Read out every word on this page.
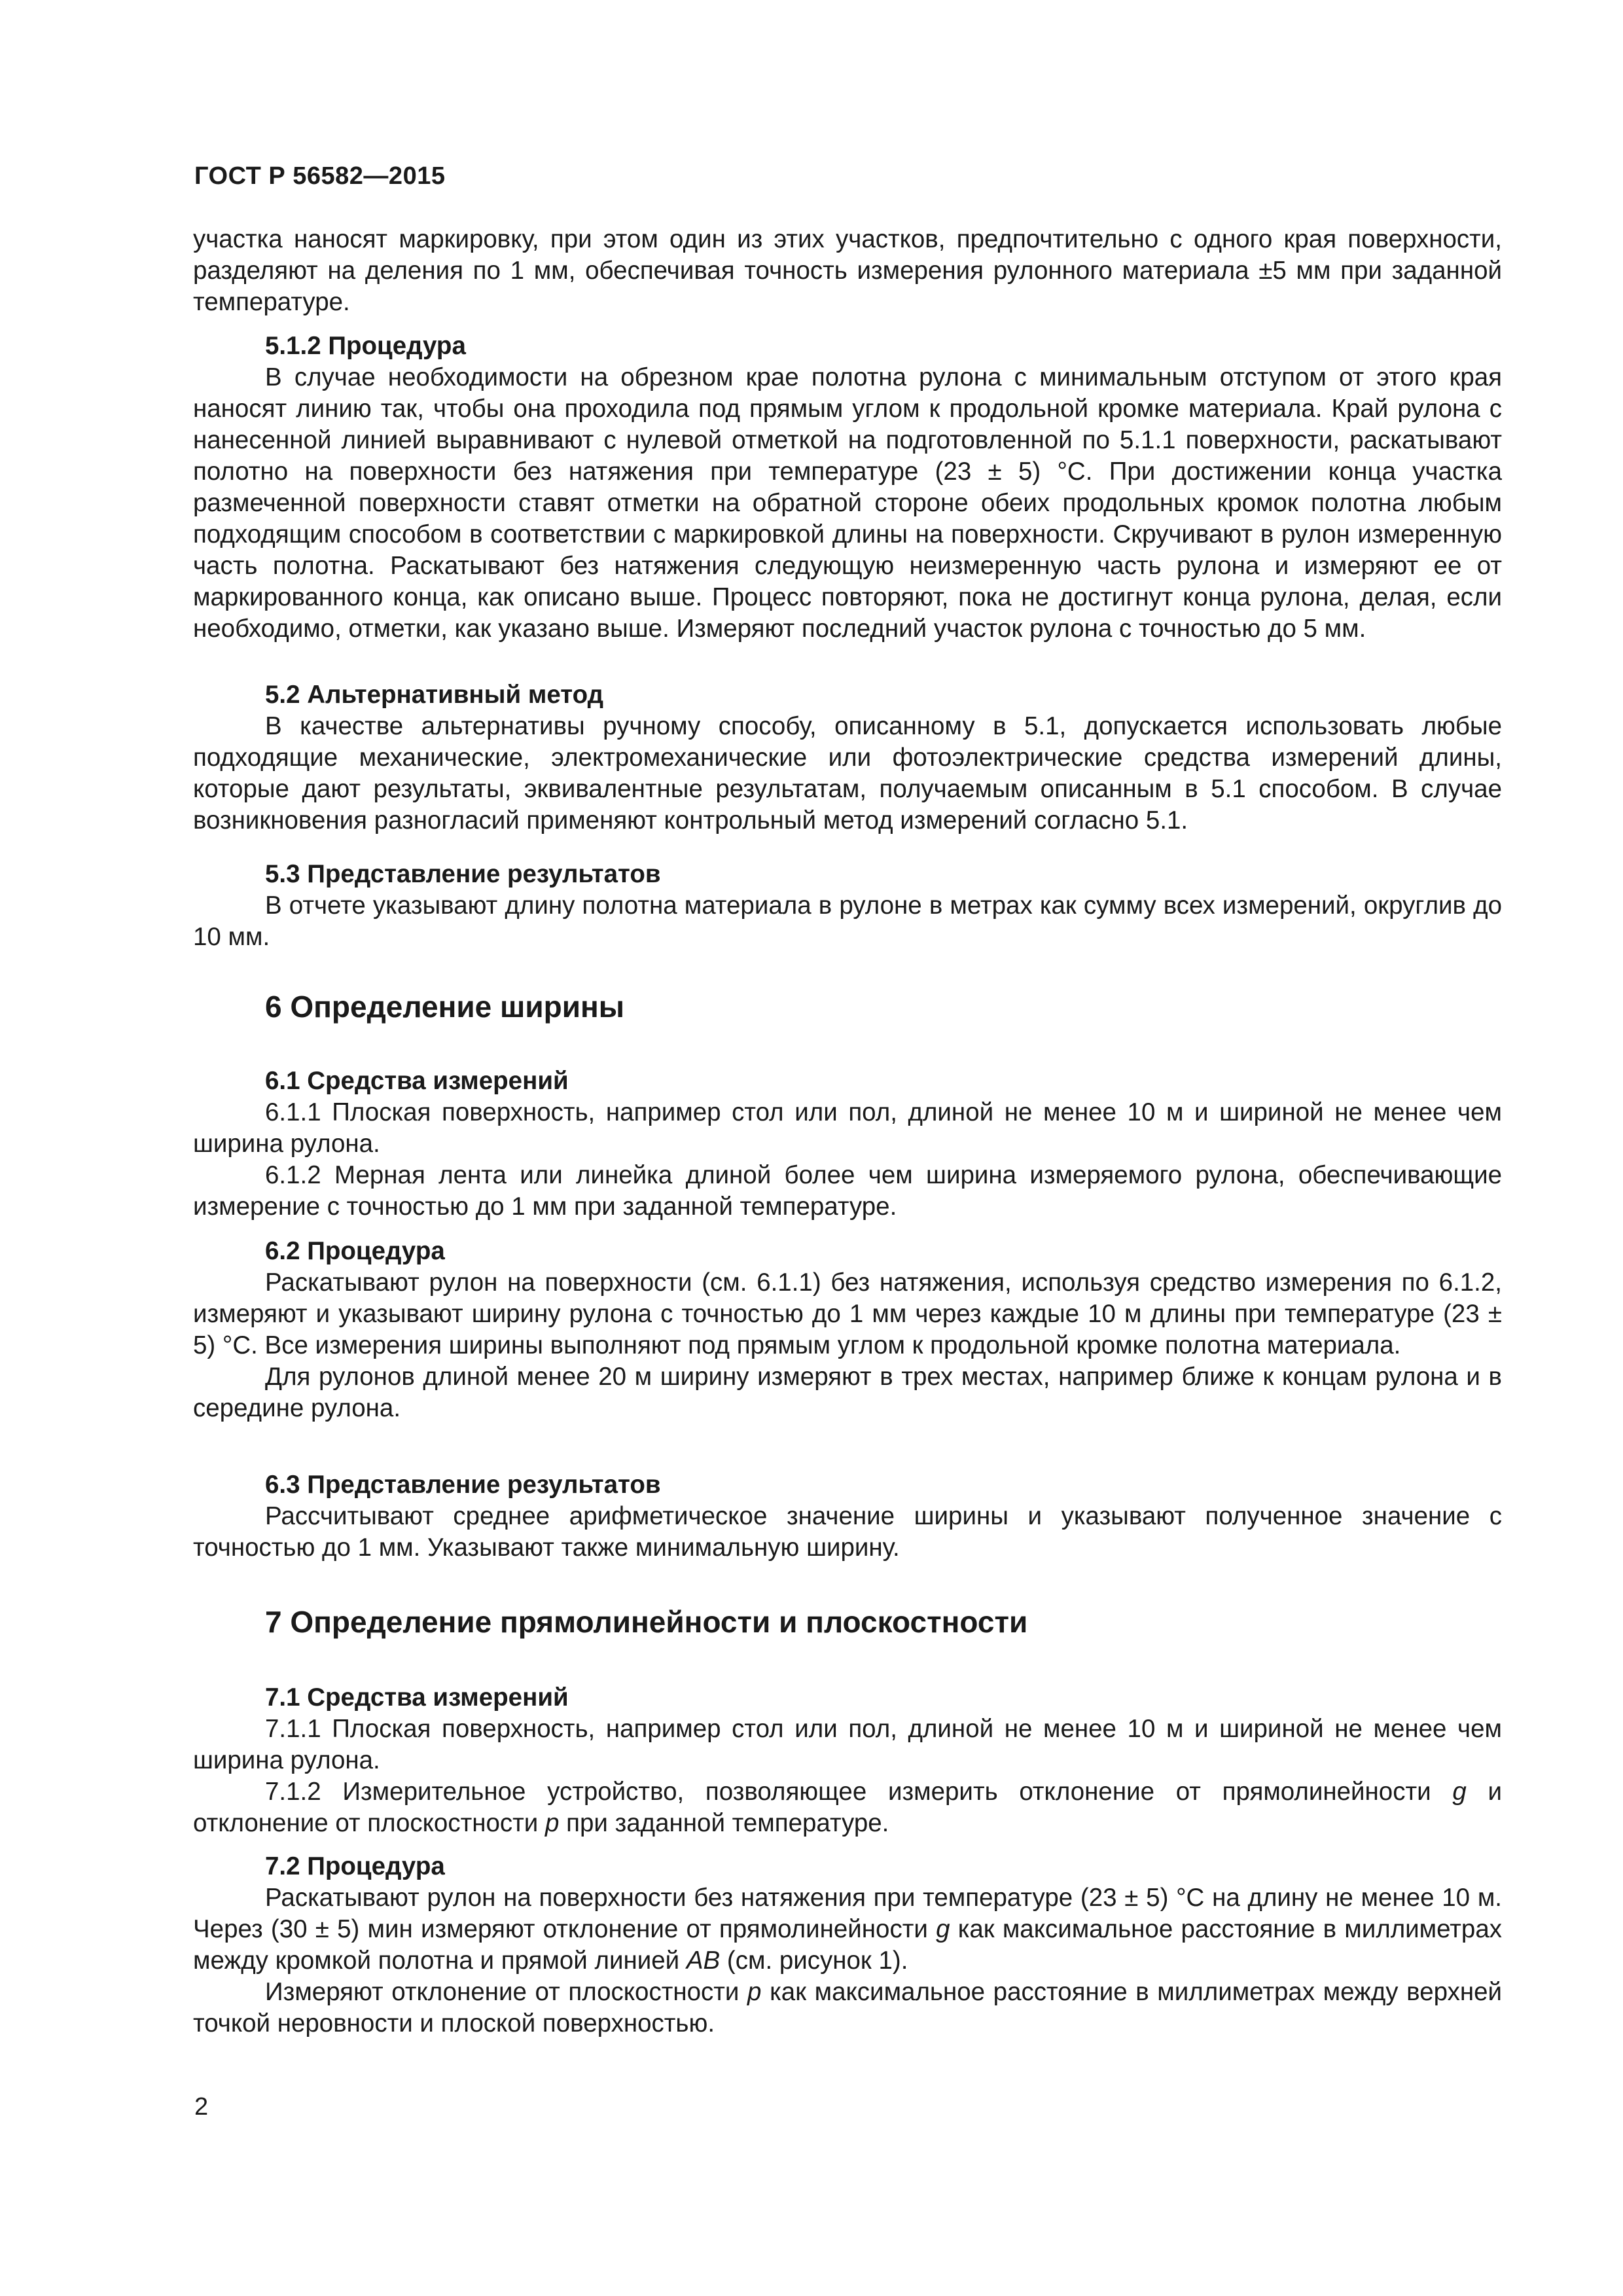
ГОСТ Р 56582—2015

участка наносят маркировку, при этом один из этих участков, предпочтительно с одного края поверхности, разделяют на деления по 1 мм, обеспечивая точность измерения рулонного материала ±5 мм при заданной температуре.

5.1.2 Процедура

В случае необходимости на обрезном крае полотна рулона с минимальным отступом от этого края наносят линию так, чтобы она проходила под прямым углом к продольной кромке материала. Край рулона с нанесенной линией выравнивают с нулевой отметкой на подготовленной по 5.1.1 поверхности, раскатывают полотно на поверхности без натяжения при температуре (23 ± 5) °С. При достижении конца участка размеченной поверхности ставят отметки на обратной стороне обеих продольных кромок полотна любым подходящим способом в соответствии с маркировкой длины на поверхности. Скручивают в рулон измеренную часть полотна. Раскатывают без натяжения следующую неизмеренную часть рулона и измеряют ее от маркированного конца, как описано выше. Процесс повторяют, пока не достигнут конца рулона, делая, если необходимо, отметки, как указано выше. Измеряют последний участок рулона с точностью до 5 мм.

5.2 Альтернативный метод

В качестве альтернативы ручному способу, описанному в 5.1, допускается использовать любые подходящие механические, электромеханические или фотоэлектрические средства измерений длины, которые дают результаты, эквивалентные результатам, получаемым описанным в 5.1 способом. В случае возникновения разногласий применяют контрольный метод измерений согласно 5.1.

5.3 Представление результатов

В отчете указывают длину полотна материала в рулоне в метрах как сумму всех измерений, округлив до 10 мм.

6 Определение ширины

6.1 Средства измерений

6.1.1 Плоская поверхность, например стол или пол, длиной не менее 10 м и шириной не менее чем ширина рулона.

6.1.2 Мерная лента или линейка длиной более чем ширина измеряемого рулона, обеспечивающие измерение с точностью до 1 мм при заданной температуре.

6.2 Процедура

Раскатывают рулон на поверхности (см. 6.1.1) без натяжения, используя средство измерения по 6.1.2, измеряют и указывают ширину рулона с точностью до 1 мм через каждые 10 м длины при температуре (23 ± 5) °С. Все измерения ширины выполняют под прямым углом к продольной кромке полотна материала.

Для рулонов длиной менее 20 м ширину измеряют в трех местах, например ближе к концам рулона и в середине рулона.

6.3 Представление результатов

Рассчитывают среднее арифметическое значение ширины и указывают полученное значение с точностью до 1 мм. Указывают также минимальную ширину.

7 Определение прямолинейности и плоскостности

7.1 Средства измерений

7.1.1 Плоская поверхность, например стол или пол, длиной не менее 10 м и шириной не менее чем ширина рулона.

7.1.2 Измерительное устройство, позволяющее измерить отклонение от прямолинейности g и отклонение от плоскостности p при заданной температуре.

7.2 Процедура

Раскатывают рулон на поверхности без натяжения при температуре (23 ± 5) °С на длину не менее 10 м. Через (30 ± 5) мин измеряют отклонение от прямолинейности g как максимальное расстояние в миллиметрах между кромкой полотна и прямой линией AB (см. рисунок 1).

Измеряют отклонение от плоскостности p как максимальное расстояние в миллиметрах между верхней точкой неровности и плоской поверхностью.

2
